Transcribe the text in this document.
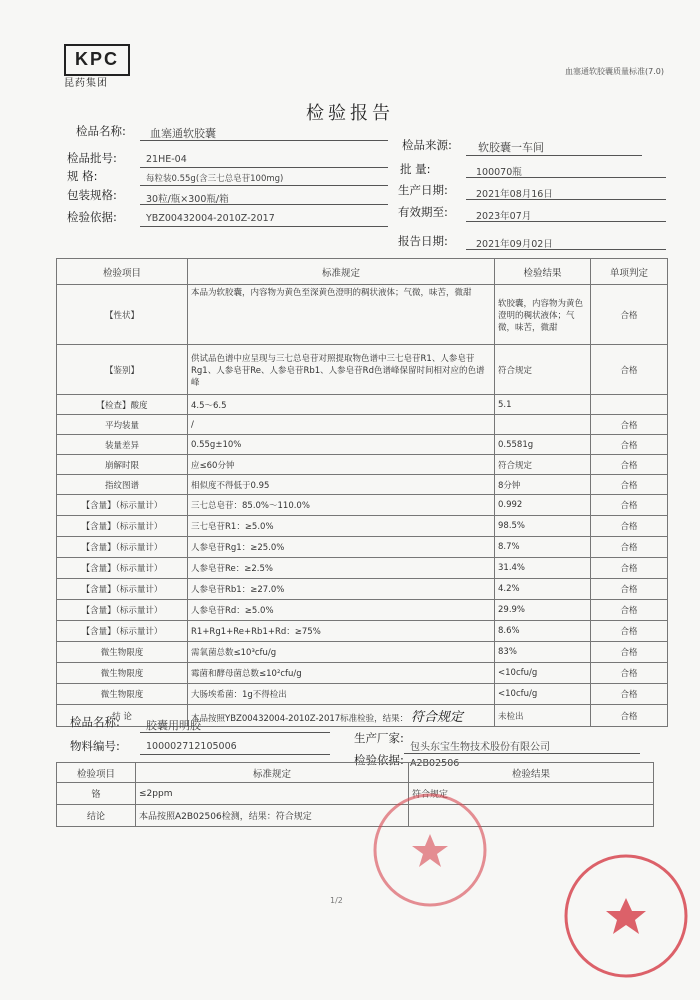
KPC
昆药集团
血塞通软胶囊质量标准(7.0)
检验报告
检品名称: 血塞通软胶囊
检品来源: 软胶囊一车间
检品批号:	21HE-04
批 量:	100070瓶
规 格:	每粒装0.55g(含三七总皂苷100mg)
生产日期:	2021年08月16日
包装规格:	30粒/瓶×300瓶/箱
有效期至:	2023年07月
检验依据:	YBZ00432004-2010Z-2017
报告日期:	2021年09月02日
检验项目	标准规定	检验结果	单项判定
【性状】	本品为软胶囊，内容物为黄色至深黄色澄明的稠状液体；气微，味苦，微甜	软胶囊，内容物为黄色澄明的稠状液体；气微，味苦，微甜	合格
【鉴别】	供试品色谱中应呈现与三七总皂苷对照提取物色谱中三七皂苷R1、人参皂苷Rg1、人参皂苷Re、人参皂苷Rb1、人参皂苷Rd色谱峰保留时间相对应的色谱峰	符合规定	合格
【检查】酸度	4.5～6.5	5.1	
平均装量	/		合格
装量差异	0.55g±10%	0.5581g	合格
崩解时限	应≤60分钟	符合规定	合格
指纹图谱	相似度不得低于0.95	8分钟	合格
【含量】（标示量计）	三七总皂苷：85.0%～110.0%	0.992	合格
【含量】（标示量计）	三七皂苷R1：≥5.0%	98.5%	合格
【含量】（标示量计）	人参皂苷Rg1：≥25.0%	8.7%	合格
【含量】（标示量计）	人参皂苷Re：≥2.5%	31.4%	合格
【含量】（标示量计）	人参皂苷Rb1：≥27.0%	4.2%	合格
【含量】（标示量计）	人参皂苷Rd：≥5.0%	29.9%	合格
【含量】（标示量计）	R1+Rg1+Re+Rb1+Rd：≥75%	8.6%	合格
微生物限度	需氧菌总数≤10³cfu/g	83%	合格
微生物限度	霉菌和酵母菌总数≤10²cfu/g	<10cfu/g	合格
微生物限度	大肠埃希菌：1g不得检出	<10cfu/g	合格
结 论	本品按照YBZ00432004-2010Z-2017标准检验，结果： 符合规定	未检出	合格
检品名称: 胶囊用明胶
生产厂家:
包头东宝生物技术股份有限公司
物料编号:	100002712105006
检验依据: A2B02506
检验项目	标准规定	检验结果
铬	≤2ppm	符合规定
结论	本品按照A2B02506检测，结果：符合规定	
1/2
